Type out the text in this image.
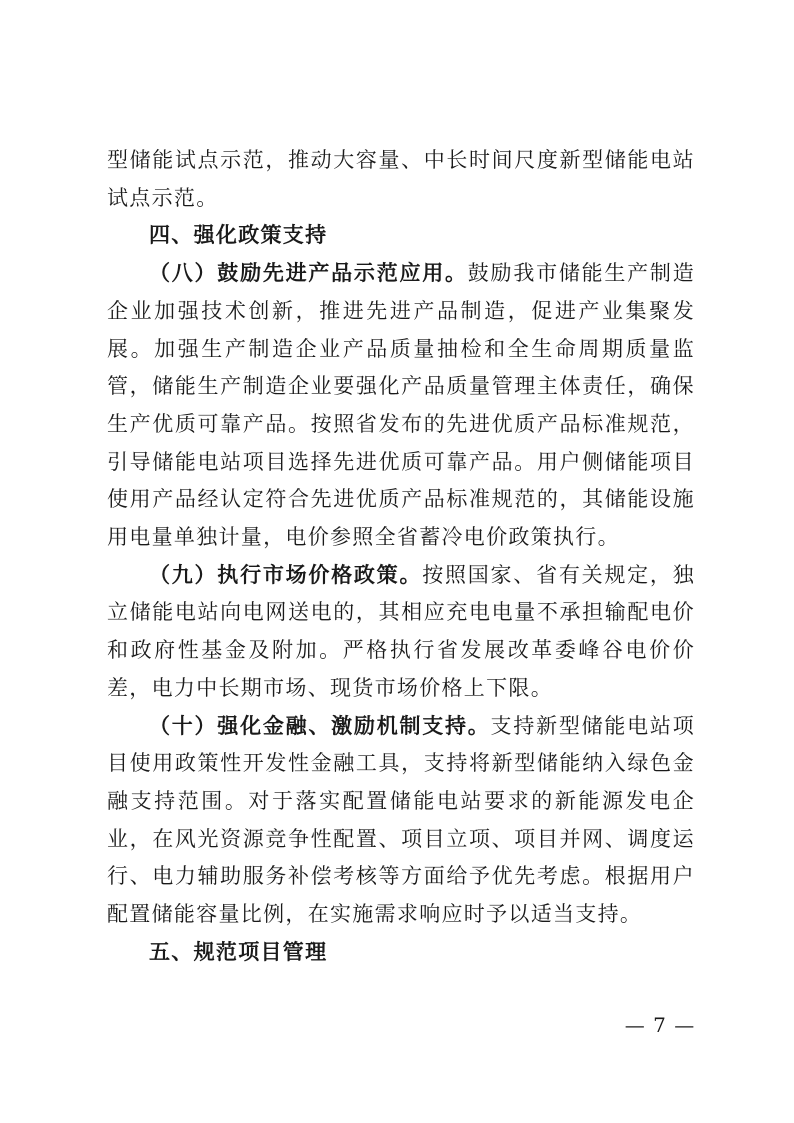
型储能试点示范，推动大容量、中长时间尺度新型储能电站试点示范。

四、强化政策支持

（八）鼓励先进产品示范应用。鼓励我市储能生产制造企业加强技术创新，推进先进产品制造，促进产业集聚发展。加强生产制造企业产品质量抽检和全生命周期质量监管，储能生产制造企业要强化产品质量管理主体责任，确保生产优质可靠产品。按照省发布的先进优质产品标准规范，引导储能电站项目选择先进优质可靠产品。用户侧储能项目使用产品经认定符合先进优质产品标准规范的，其储能设施用电量单独计量，电价参照全省蓄冷电价政策执行。

（九）执行市场价格政策。按照国家、省有关规定，独立储能电站向电网送电的，其相应充电电量不承担输配电价和政府性基金及附加。严格执行省发展改革委峰谷电价价差，电力中长期市场、现货市场价格上下限。

（十）强化金融、激励机制支持。支持新型储能电站项目使用政策性开发性金融工具，支持将新型储能纳入绿色金融支持范围。对于落实配置储能电站要求的新能源发电企业，在风光资源竞争性配置、项目立项、项目并网、调度运行、电力辅助服务补偿考核等方面给予优先考虑。根据用户配置储能容量比例，在实施需求响应时予以适当支持。

五、规范项目管理
— 7 —
